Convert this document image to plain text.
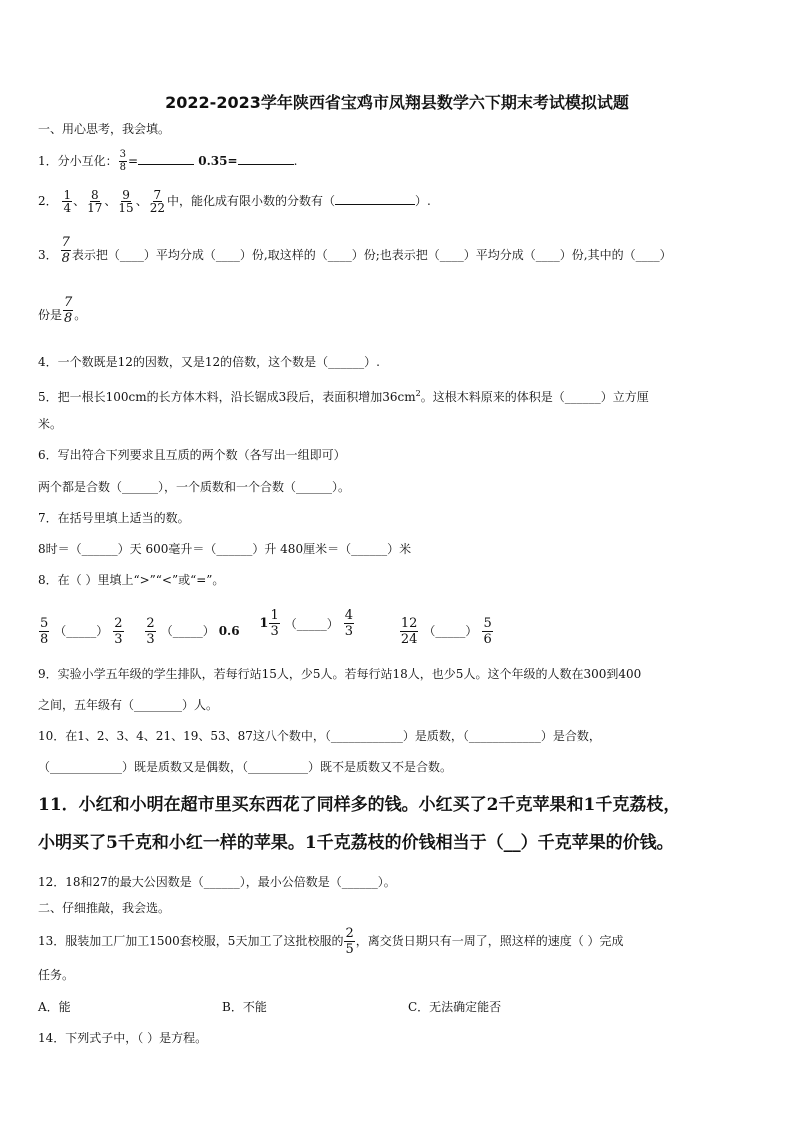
2022-2023学年陕西省宝鸡市凤翔县数学六下期末考试模拟试题
一、用心思考，我会填。
1．分小互化： $\frac{3}{8}$ =	0.35=	.
2． $\frac{1}{4}$ 、 $\frac{8}{17}$ 、 $\frac{9}{15}$ 、 $\frac{7}{22}$ 中，能化成有限小数的分数有（	）.
3． $\frac{7}{8}$ 表示把（____）平均分成（____）份,取这样的（____）份;也表示把（____）平均分成（____）份,其中的（____）
份是 $\frac{7}{8}$ 。
4．一个数既是12的因数，又是12的倍数，这个数是（______）.
5．把一根长100cm的长方体木料，沿长锯成3段后，表面积增加$36cm^2$。这根木料原来的体积是（______）立方厘
米。
6．写出符合下列要求且互质的两个数（各写出一组即可）
两个都是合数（______），一个质数和一个合数（______）。
7．在括号里填上适当的数。
8时＝（______）天 600毫升＝（______）升 480厘米＝（______）米
8．在（ ）里填上“>”“<”或“=”。
$\frac{5}{8}$ （_____） $\frac{2}{3}$
$\frac{2}{3}$ （_____） 0.6

$1 \frac{1}{3}$ （_____） $\frac{4}{3}$
	$\frac{12}{24}$ （_____） $\frac{5}{6}$
9．实验小学五年级的学生排队，若每行站15人，少5人。若每行站18人，也少5人。这个年级的人数在300到400
之间，五年级有（________）人。
10．在1、2、3、4、21、19、53、87这八个数中，（____________）是质数，（____________）是合数，
（____________）既是质数又是偶数，（__________）既不是质数又不是合数。
11．小红和小明在超市里买东西花了同样多的钱。小红买了2千克苹果和1千克荔枝，
小明买了5千克和小红一样的苹果。1千克荔枝的价钱相当于（__）千克苹果的价钱。
12．18和27的最大公因数是（______），最小公倍数是（______）。
二、仔细推敲，我会选。
13．服装加工厂加工1500套校服，5天加工了这批校服的 $\frac{2}{5}$ ，离交货日期只有一周了，照这样的速度（ ）完成
任务。
A．能	B．不能	C．无法确定能否
14．下列式子中，（ ）是方程。
